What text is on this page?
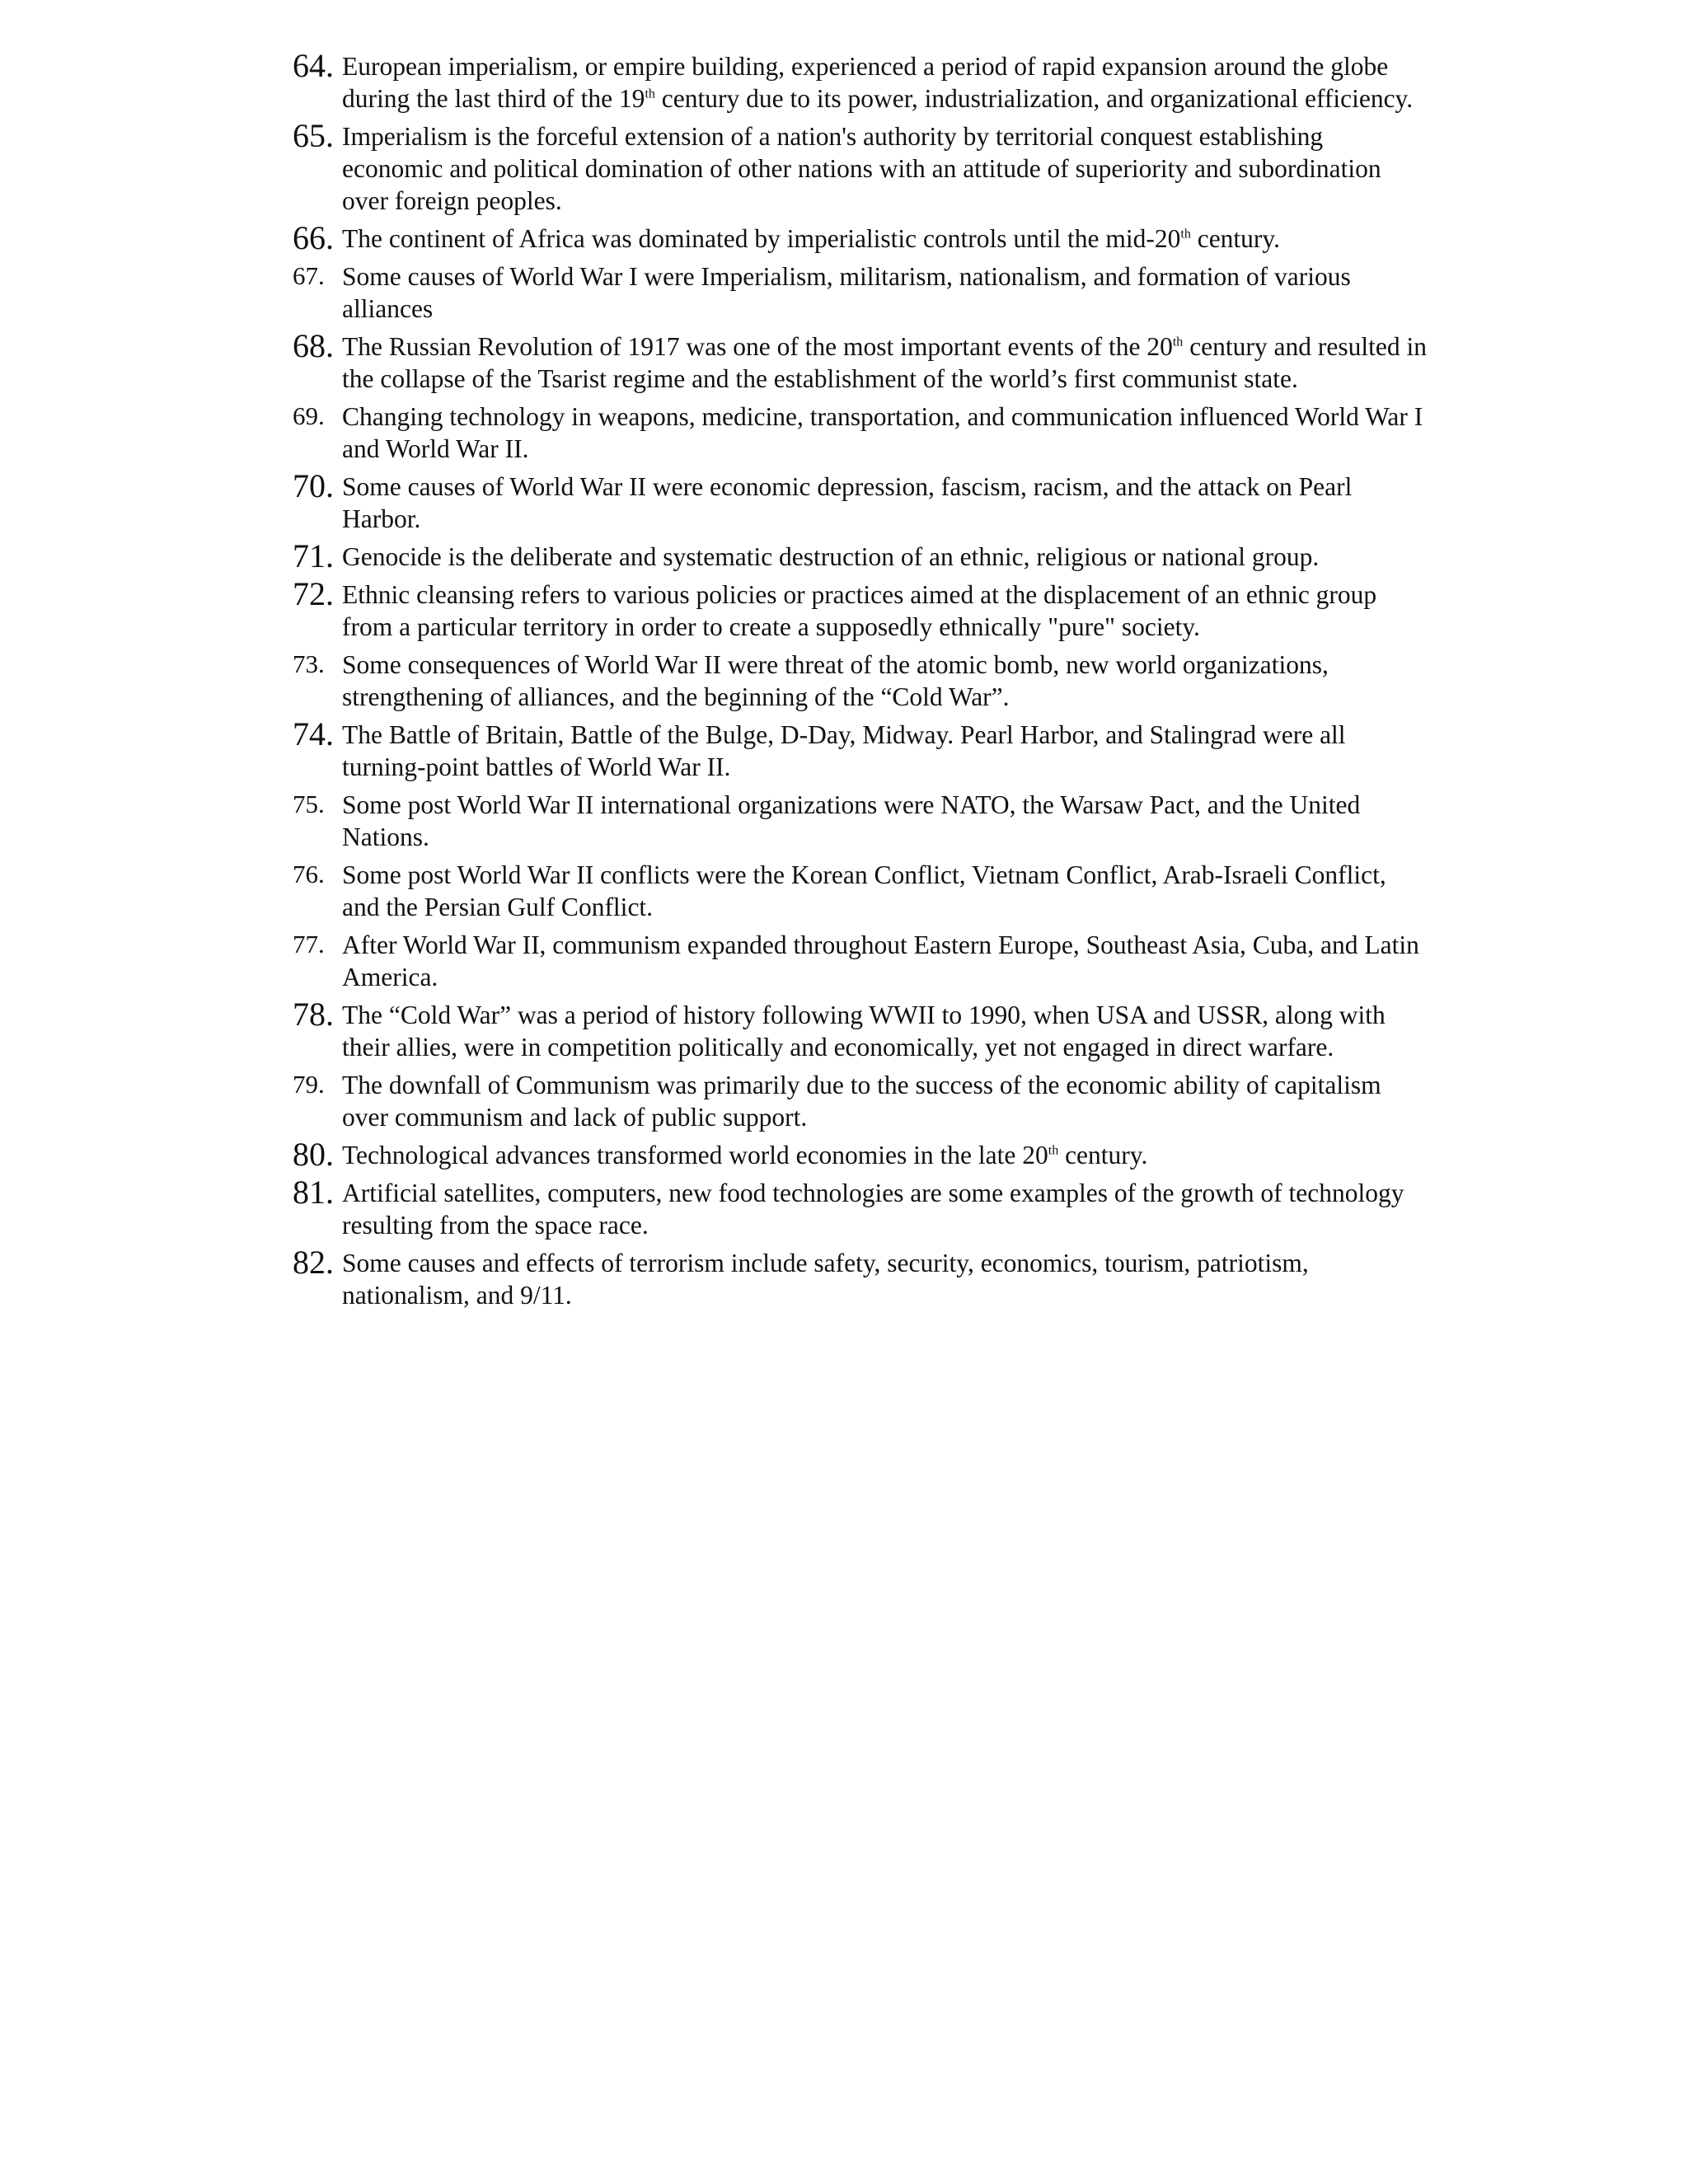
64. European imperialism, or empire building, experienced a period of rapid expansion around the globe during the last third of the 19th century due to its power, industrialization, and organizational efficiency.
65. Imperialism is the forceful extension of a nation's authority by territorial conquest establishing economic and political domination of other nations with an attitude of superiority and subordination over foreign peoples.
66. The continent of Africa was dominated by imperialistic controls until the mid-20th century.
67. Some causes of World War I were Imperialism, militarism, nationalism, and formation of various alliances
68. The Russian Revolution of 1917 was one of the most important events of the 20th century and resulted in the collapse of the Tsarist regime and the establishment of the world’s first communist state.
69. Changing technology in weapons, medicine, transportation, and communication influenced World War I and World War II.
70. Some causes of World War II were economic depression, fascism, racism, and the attack on Pearl Harbor.
71. Genocide is the deliberate and systematic destruction of an ethnic, religious or national group.
72. Ethnic cleansing refers to various policies or practices aimed at the displacement of an ethnic group from a particular territory in order to create a supposedly ethnically "pure" society.
73. Some consequences of World War II were threat of the atomic bomb, new world organizations, strengthening of alliances, and the beginning of the “Cold War”.
74. The Battle of Britain, Battle of the Bulge, D-Day, Midway. Pearl Harbor, and Stalingrad were all turning-point battles of World War II.
75. Some post World War II international organizations were NATO, the Warsaw Pact, and the United Nations.
76. Some post World War II conflicts were the Korean Conflict, Vietnam Conflict, Arab-Israeli Conflict, and the Persian Gulf Conflict.
77. After World War II, communism expanded throughout Eastern Europe, Southeast Asia, Cuba, and Latin America.
78. The “Cold War” was a period of history following WWII to 1990, when USA and USSR, along with their allies, were in competition politically and economically, yet not engaged in direct warfare.
79. The downfall of Communism was primarily due to the success of the economic ability of capitalism over communism and lack of public support.
80. Technological advances transformed world economies in the late 20th century.
81. Artificial satellites, computers, new food technologies are some examples of the growth of technology resulting from the space race.
82. Some causes and effects of terrorism include safety, security, economics, tourism, patriotism, nationalism, and 9/11.
